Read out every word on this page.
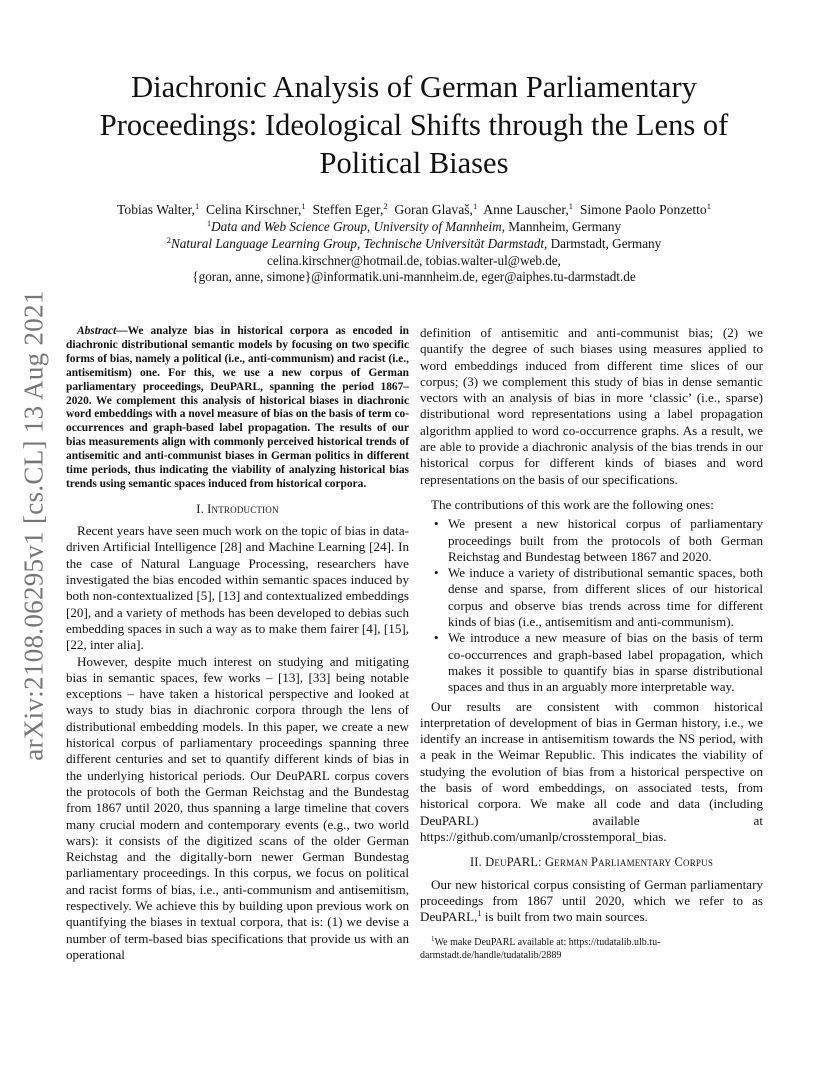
arXiv:2108.06295v1 [cs.CL] 13 Aug 2021
Diachronic Analysis of German Parliamentary Proceedings: Ideological Shifts through the Lens of Political Biases
Tobias Walter,$^1$ Celina Kirschner,$^1$ Steffen Eger,$^2$ Goran Glavaš,$^1$ Anne Lauscher,$^1$ Simone Paolo Ponzetto$^1$
$^1$Data and Web Science Group, University of Mannheim, Mannheim, Germany
$^2$Natural Language Learning Group, Technische Universität Darmstadt, Darmstadt, Germany
celina.kirschner@hotmail.de, tobias.walter-ul@web.de,
{goran, anne, simone}@informatik.uni-mannheim.de, eger@aiphes.tu-darmstadt.de

Abstract—We analyze bias in historical corpora as encoded in diachronic distributional semantic models by focusing on two specific forms of bias, namely a political (i.e., anti-communism) and racist (i.e., antisemitism) one. For this, we use a new corpus of German parliamentary proceedings, DeuPARL, spanning the period 1867–2020. We complement this analysis of historical biases in diachronic word embeddings with a novel measure of bias on the basis of term co-occurrences and graph-based label propagation. The results of our bias measurements align with commonly perceived historical trends of antisemitic and anti-communist biases in German politics in different time periods, thus indicating the viability of analyzing historical bias trends using semantic spaces induced from historical corpora.

I. Introduction

Recent years have seen much work on the topic of bias in data-driven Artificial Intelligence [28] and Machine Learning [24]. In the case of Natural Language Processing, researchers have investigated the bias encoded within semantic spaces induced by both non-contextualized [5], [13] and contextualized embeddings [20], and a variety of methods has been developed to debias such embedding spaces in such a way as to make them fairer [4], [15], [22, inter alia].

However, despite much interest on studying and mitigating bias in semantic spaces, few works – [13], [33] being notable exceptions – have taken a historical perspective and looked at ways to study bias in diachronic corpora through the lens of distributional embedding models. In this paper, we create a new historical corpus of parliamentary proceedings spanning three different centuries and set to quantify different kinds of bias in the underlying historical periods. Our DeuPARL corpus covers the protocols of both the German Reichstag and the Bundestag from 1867 until 2020, thus spanning a large timeline that covers many crucial modern and contemporary events (e.g., two world wars): it consists of the digitized scans of the older German Reichstag and the digitally-born newer German Bundestag parliamentary proceedings. In this corpus, we focus on political and racist forms of bias, i.e., anti-communism and antisemitism, respectively. We achieve this by building upon previous work on quantifying the biases in textual corpora, that is: (1) we devise a number of term-based bias specifications that provide us with an operational

definition of antisemitic and anti-communist bias; (2) we quantify the degree of such biases using measures applied to word embeddings induced from different time slices of our corpus; (3) we complement this study of bias in dense semantic vectors with an analysis of bias in more ‘classic’ (i.e., sparse) distributional word representations using a label propagation algorithm applied to word co-occurrence graphs. As a result, we are able to provide a diachronic analysis of the bias trends in our historical corpus for different kinds of biases and word representations on the basis of our specifications.

The contributions of this work are the following ones:

• We present a new historical corpus of parliamentary proceedings built from the protocols of both German Reichstag and Bundestag between 1867 and 2020.
• We induce a variety of distributional semantic spaces, both dense and sparse, from different slices of our historical corpus and observe bias trends across time for different kinds of bias (i.e., antisemitism and anti-communism).
• We introduce a new measure of bias on the basis of term co-occurrences and graph-based label propagation, which makes it possible to quantify bias in sparse distributional spaces and thus in an arguably more interpretable way.

Our results are consistent with common historical interpretation of development of bias in German history, i.e., we identify an increase in antisemitism towards the NS period, with a peak in the Weimar Republic. This indicates the viability of studying the evolution of bias from a historical perspective on the basis of word embeddings, on associated tests, from historical corpora. We make all code and data (including DeuPARL) available at https://github.com/umanlp/crosstemporal_bias.

II. DeuPARL: German Parliamentary Corpus

Our new historical corpus consisting of German parliamentary proceedings from 1867 until 2020, which we refer to as DeuPARL,$^1$ is built from two main sources.

$^1$We make DeuPARL available at: https://tudatalib.ulb.tu-darmstadt.de/handle/tudatalib/2889
